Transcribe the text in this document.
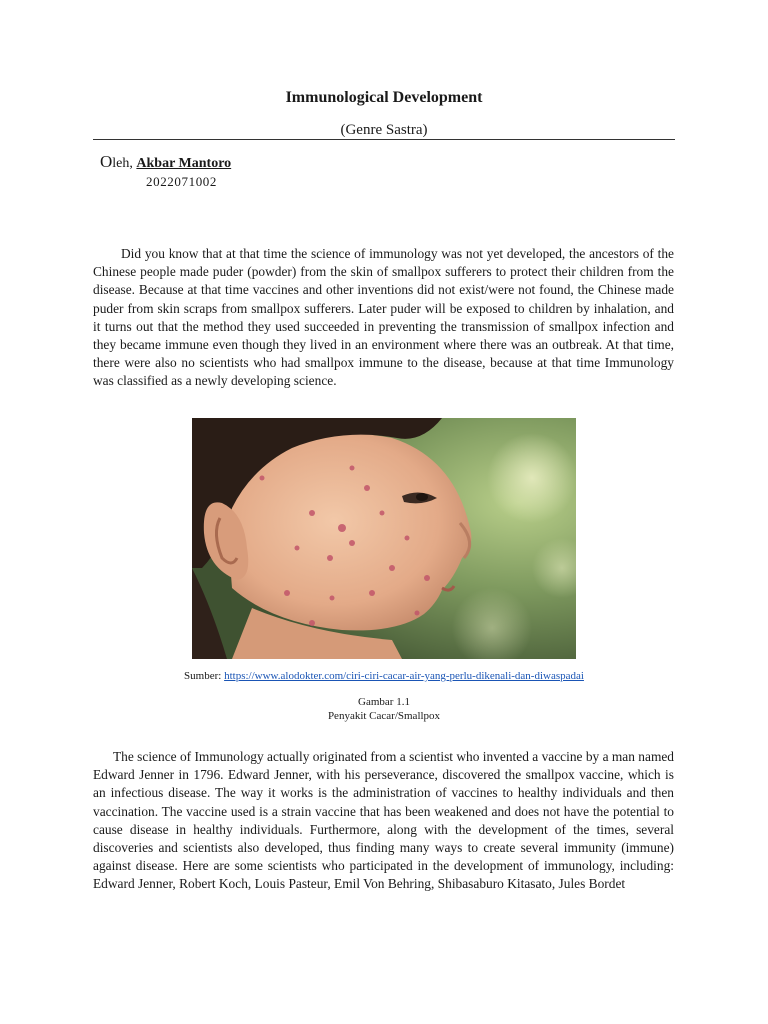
Immunological Development
(Genre Sastra)
Oleh, Akbar Mantoro
2022071002

Did you know that at that time the science of immunology was not yet developed, the ancestors of the Chinese people made puder (powder) from the skin of smallpox sufferers to protect their children from the disease. Because at that time vaccines and other inventions did not exist/were not found, the Chinese made puder from skin scraps from smallpox sufferers. Later puder will be exposed to children by inhalation, and it turns out that the method they used succeeded in preventing the transmission of smallpox infection and they became immune even though they lived in an environment where there was an outbreak. At that time, there were also no scientists who had smallpox immune to the disease, because at that time Immunology was classified as a newly developing science.

Sumber: https://www.alodokter.com/ciri-ciri-cacar-air-yang-perlu-dikenali-dan-diwaspadai
Gambar 1.1
Penyakit Cacar/Smallpox

The science of Immunology actually originated from a scientist who invented a vaccine by a man named Edward Jenner in 1796. Edward Jenner, with his perseverance, discovered the smallpox vaccine, which is an infectious disease. The way it works is the administration of vaccines to healthy individuals and then vaccination. The vaccine used is a strain vaccine that has been weakened and does not have the potential to cause disease in healthy individuals. Furthermore, along with the development of the times, several discoveries and scientists also developed, thus finding many ways to create several immunity (immune) against disease. Here are some scientists who participated in the development of immunology, including: Edward Jenner, Robert Koch, Louis Pasteur, Emil Von Behring, Shibasaburo Kitasato, Jules Bordet
